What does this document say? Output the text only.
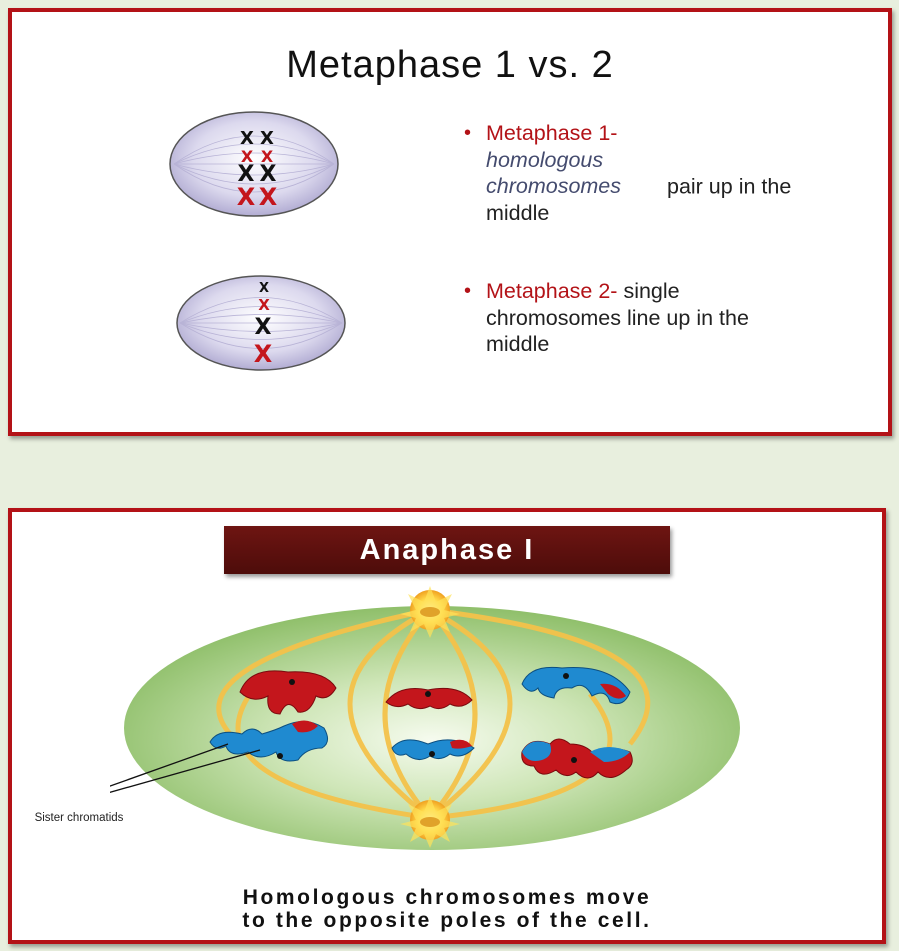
Metaphase 1 vs. 2
X X
X X
X X
X X
• Metaphase 1-
homologous chromosomes pair up in the middle
X
X
X
X
• Metaphase 2- single chromosomes line up in the middle
Anaphase I
Sister chromatids
Homologous chromosomes move
to the opposite poles of the cell.
